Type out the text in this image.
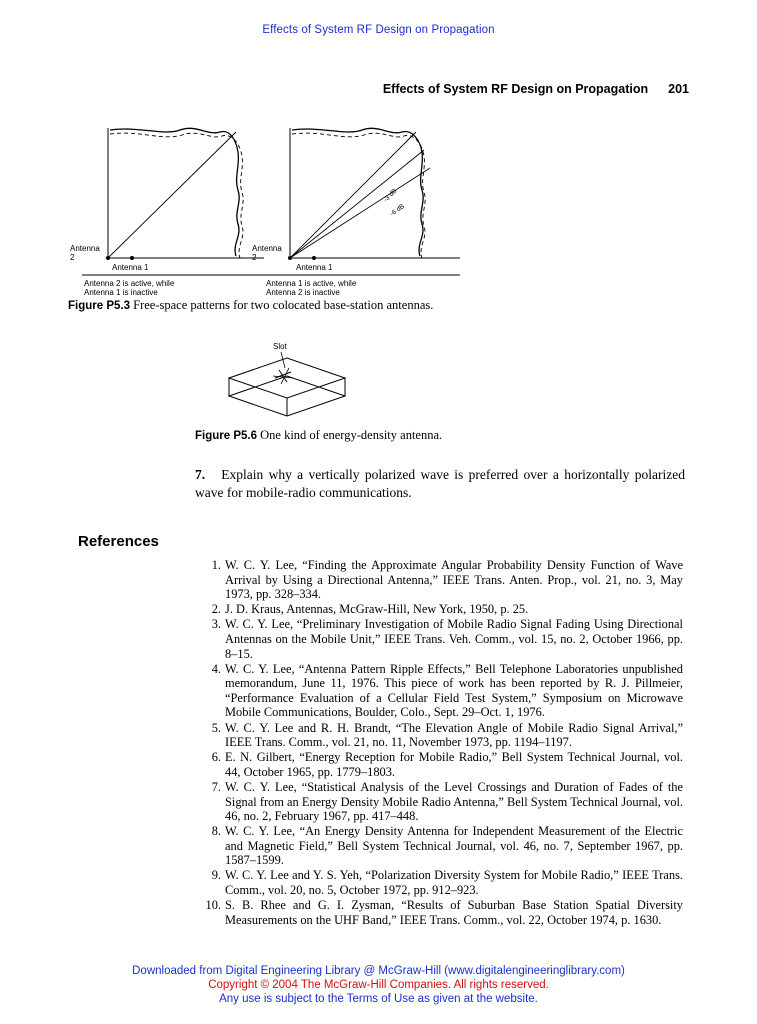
Effects of System RF Design on Propagation
Effects of System RF Design on Propagation 201
Antenna
2
Antenna 1
Antenna 2 is active, while
Antenna 1 is inactive
Antenna
2
Antenna 1
-3 dB
-6 dB
Antenna 1 is active, while
Antenna 2 is inactive
Figure P5.3 Free-space patterns for two colocated base-station antennas.
Slot
Figure P5.6 One kind of energy-density antenna.
7. Explain why a vertically polarized wave is preferred over a horizontally polarized wave for mobile-radio communications.
References
1. W. C. Y. Lee, “Finding the Approximate Angular Probability Density Function of Wave Arrival by Using a Directional Antenna,” IEEE Trans. Anten. Prop., vol. 21, no. 3, May 1973, pp. 328–334.
2. J. D. Kraus, Antennas, McGraw-Hill, New York, 1950, p. 25.
3. W. C. Y. Lee, “Preliminary Investigation of Mobile Radio Signal Fading Using Directional Antennas on the Mobile Unit,” IEEE Trans. Veh. Comm., vol. 15, no. 2, October 1966, pp. 8–15.
4. W. C. Y. Lee, “Antenna Pattern Ripple Effects,” Bell Telephone Laboratories unpublished memorandum, June 11, 1976. This piece of work has been reported by R. J. Pillmeier, “Performance Evaluation of a Cellular Field Test System,” Symposium on Microwave Mobile Communications, Boulder, Colo., Sept. 29–Oct. 1, 1976.
5. W. C. Y. Lee and R. H. Brandt, “The Elevation Angle of Mobile Radio Signal Arrival,” IEEE Trans. Comm., vol. 21, no. 11, November 1973, pp. 1194–1197.
6. E. N. Gilbert, “Energy Reception for Mobile Radio,” Bell System Technical Journal, vol. 44, October 1965, pp. 1779–1803.
7. W. C. Y. Lee, “Statistical Analysis of the Level Crossings and Duration of Fades of the Signal from an Energy Density Mobile Radio Antenna,” Bell System Technical Journal, vol. 46, no. 2, February 1967, pp. 417–448.
8. W. C. Y. Lee, “An Energy Density Antenna for Independent Measurement of the Electric and Magnetic Field,” Bell System Technical Journal, vol. 46, no. 7, September 1967, pp. 1587–1599.
9. W. C. Y. Lee and Y. S. Yeh, “Polarization Diversity System for Mobile Radio,” IEEE Trans. Comm., vol. 20, no. 5, October 1972, pp. 912–923.
10. S. B. Rhee and G. I. Zysman, “Results of Suburban Base Station Spatial Diversity Measurements on the UHF Band,” IEEE Trans. Comm., vol. 22, October 1974, p. 1630.
Downloaded from Digital Engineering Library @ McGraw-Hill (www.digitalengineeringlibrary.com)
Copyright © 2004 The McGraw-Hill Companies. All rights reserved.
Any use is subject to the Terms of Use as given at the website.
